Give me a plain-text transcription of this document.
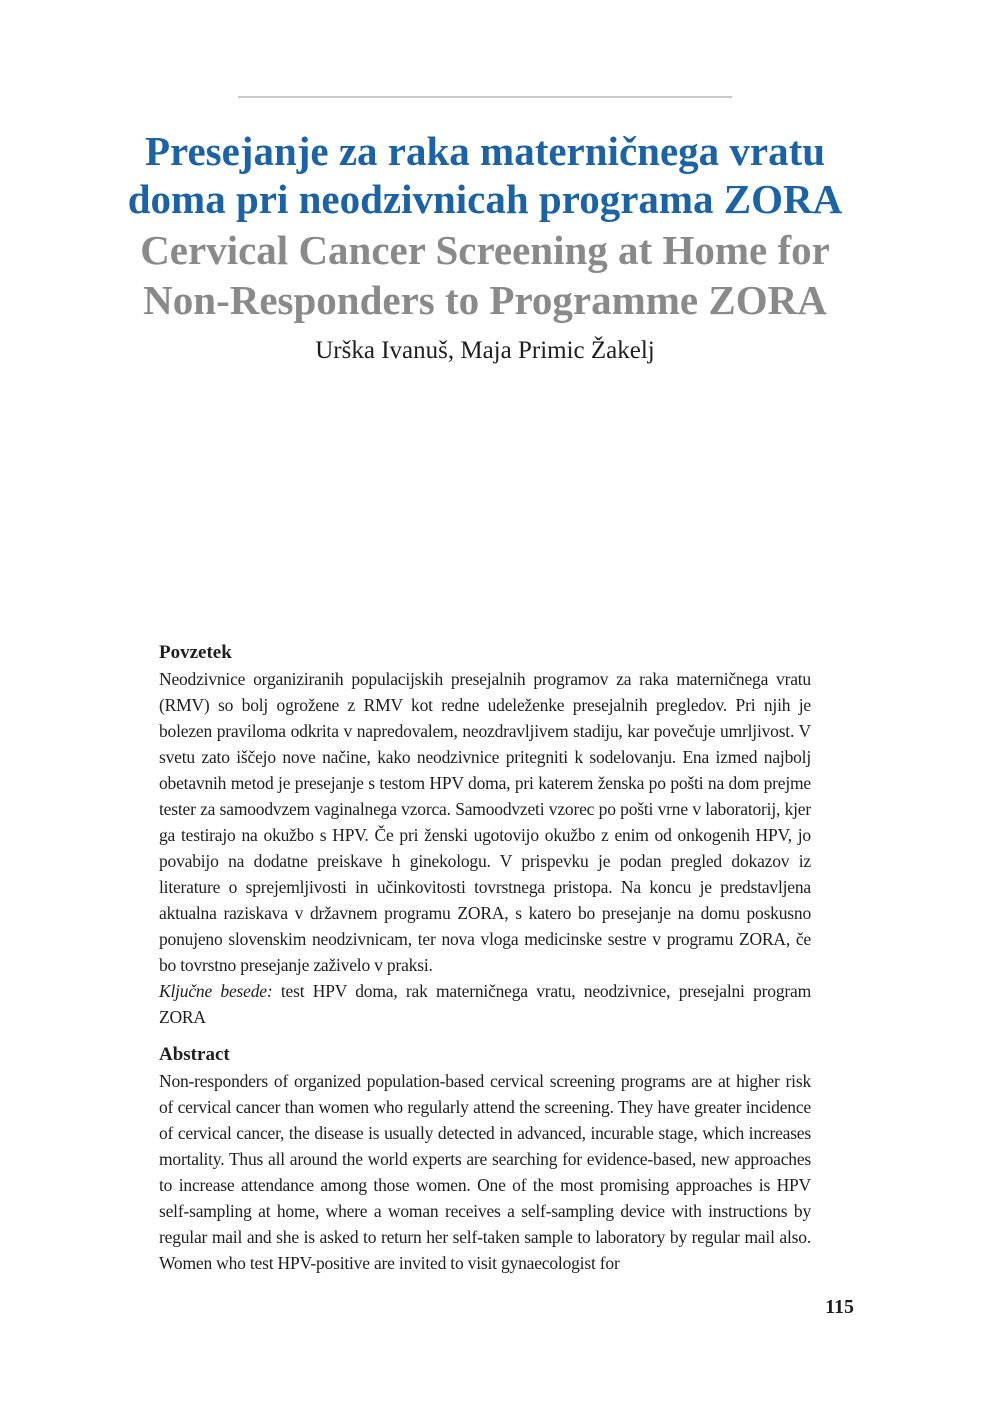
Presejanje za raka materničnega vratu
doma pri neodzivnicah programa ZORA

Cervical Cancer Screening at Home for
Non-Responders to Programme ZORA

Urška Ivanuš, Maja Primic Žakelj
Povzetek
Neodzivnice organiziranih populacijskih presejalnih programov za raka materničnega vratu (RMV) so bolj ogrožene z RMV kot redne udeleženke presejalnih pregledov. Pri njih je bolezen praviloma odkrita v napredovalem, neozdravljivem stadiju, kar povečuje umrljivost. V svetu zato iščejo nove načine, kako neodzivnice pritegniti k sodelovanju. Ena izmed najbolj obetavnih metod je presejanje s testom HPV doma, pri katerem ženska po pošti na dom prejme tester za samoodvzem vaginalnega vzorca. Samoodvzeti vzorec po pošti vrne v laboratorij, kjer ga testirajo na okužbo s HPV. Če pri ženski ugotovijo okužbo z enim od onkogenih HPV, jo povabijo na dodatne preiskave h ginekologu. V prispevku je podan pregled dokazov iz literature o sprejemljivosti in učinkovitosti tovrstnega pristopa. Na koncu je predstavljena aktualna raziskava v državnem programu ZORA, s katero bo presejanje na domu poskusno ponujeno slovenskim neodzivnicam, ter nova vloga medicinske sestre v programu ZORA, če bo tovrstno presejanje zaživelo v praksi.
Ključne besede: test HPV doma, rak materničnega vratu, neodzivnice, presejalni program ZORA
Abstract
Non-responders of organized population-based cervical screening programs are at higher risk of cervical cancer than women who regularly attend the screening. They have greater incidence of cervical cancer, the disease is usually detected in advanced, incurable stage, which increases mortality. Thus all around the world experts are searching for evidence-based, new approaches to increase attendance among those women. One of the most promising approaches is HPV self-sampling at home, where a woman receives a self-sampling device with instructions by regular mail and she is asked to return her self-taken sample to laboratory by regular mail also. Women who test HPV-positive are invited to visit gynaecologist for
115
